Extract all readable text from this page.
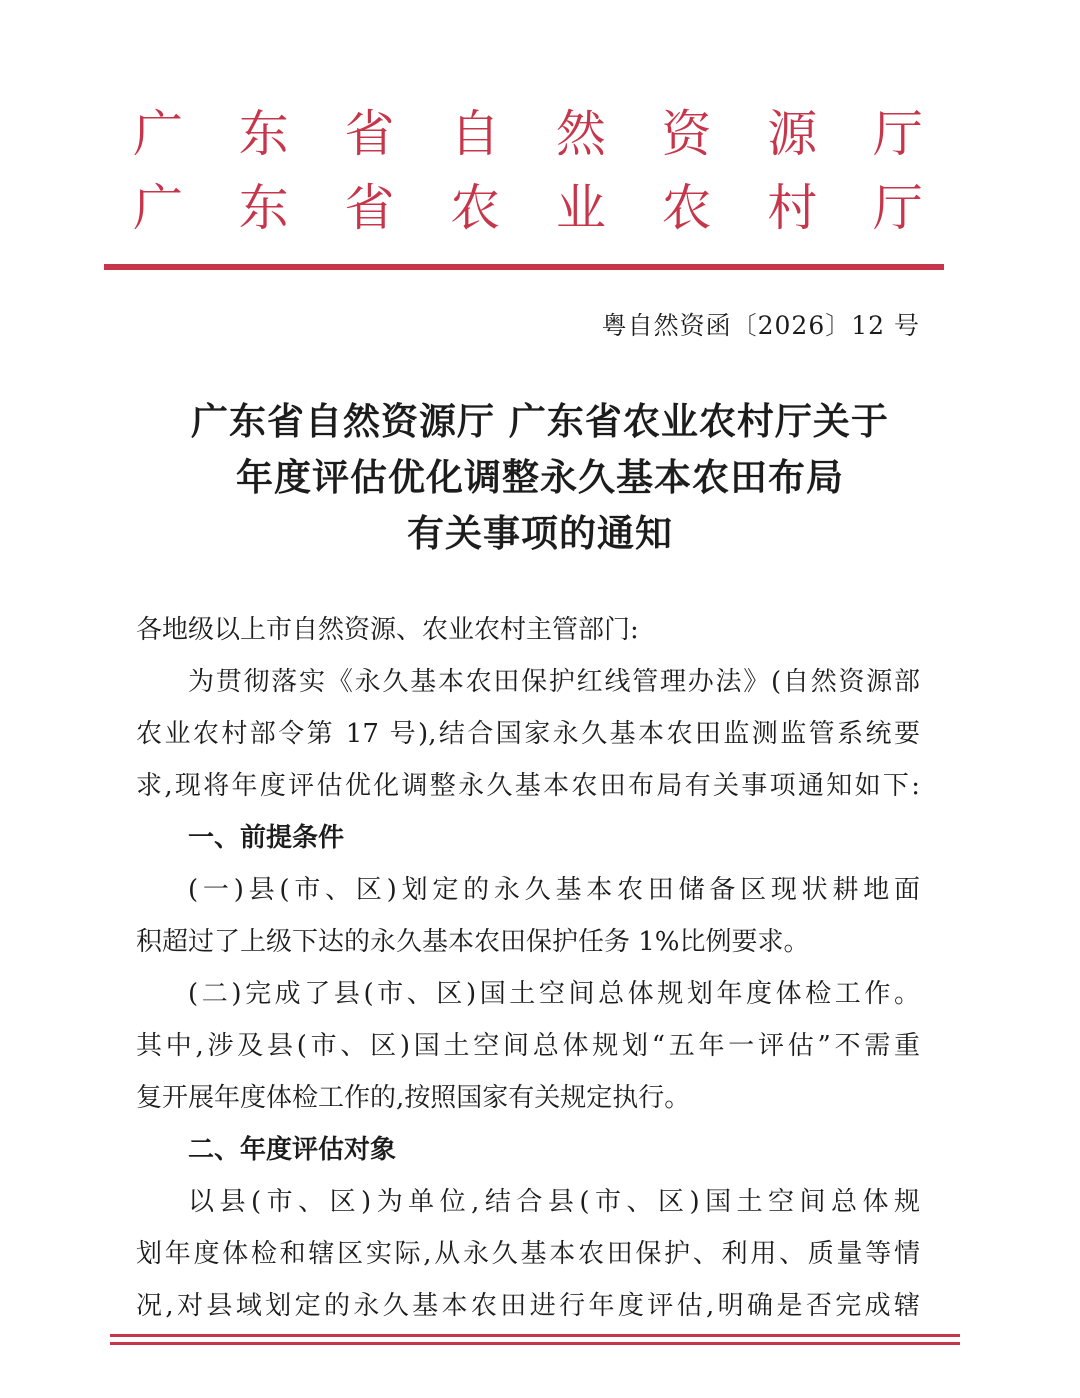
广 东 省 自 然 资 源 厅
广 东 省 农 业 农 村 厅
粤自然资函〔2026〕12 号
广东省自然资源厅 广东省农业农村厅关于
年度评估优化调整永久基本农田布局
有关事项的通知
各地级以上市自然资源、农业农村主管部门:
为贯彻落实《永久基本农田保护红线管理办法》(自然资源部
农业农村部令第 17 号),结合国家永久基本农田监测监管系统要
求,现将年度评估优化调整永久基本农田布局有关事项通知如下:
一、前提条件
(一)县(市、区)划定的永久基本农田储备区现状耕地面
积超过了上级下达的永久基本农田保护任务 1%比例要求。
(二)完成了县(市、区)国土空间总体规划年度体检工作。
其中,涉及县(市、区)国土空间总体规划“五年一评估”不需重
复开展年度体检工作的,按照国家有关规定执行。
二、年度评估对象
以县(市、区)为单位,结合县(市、区)国土空间总体规
划年度体检和辖区实际,从永久基本农田保护、利用、质量等情
况,对县域划定的永久基本农田进行年度评估,明确是否完成辖
